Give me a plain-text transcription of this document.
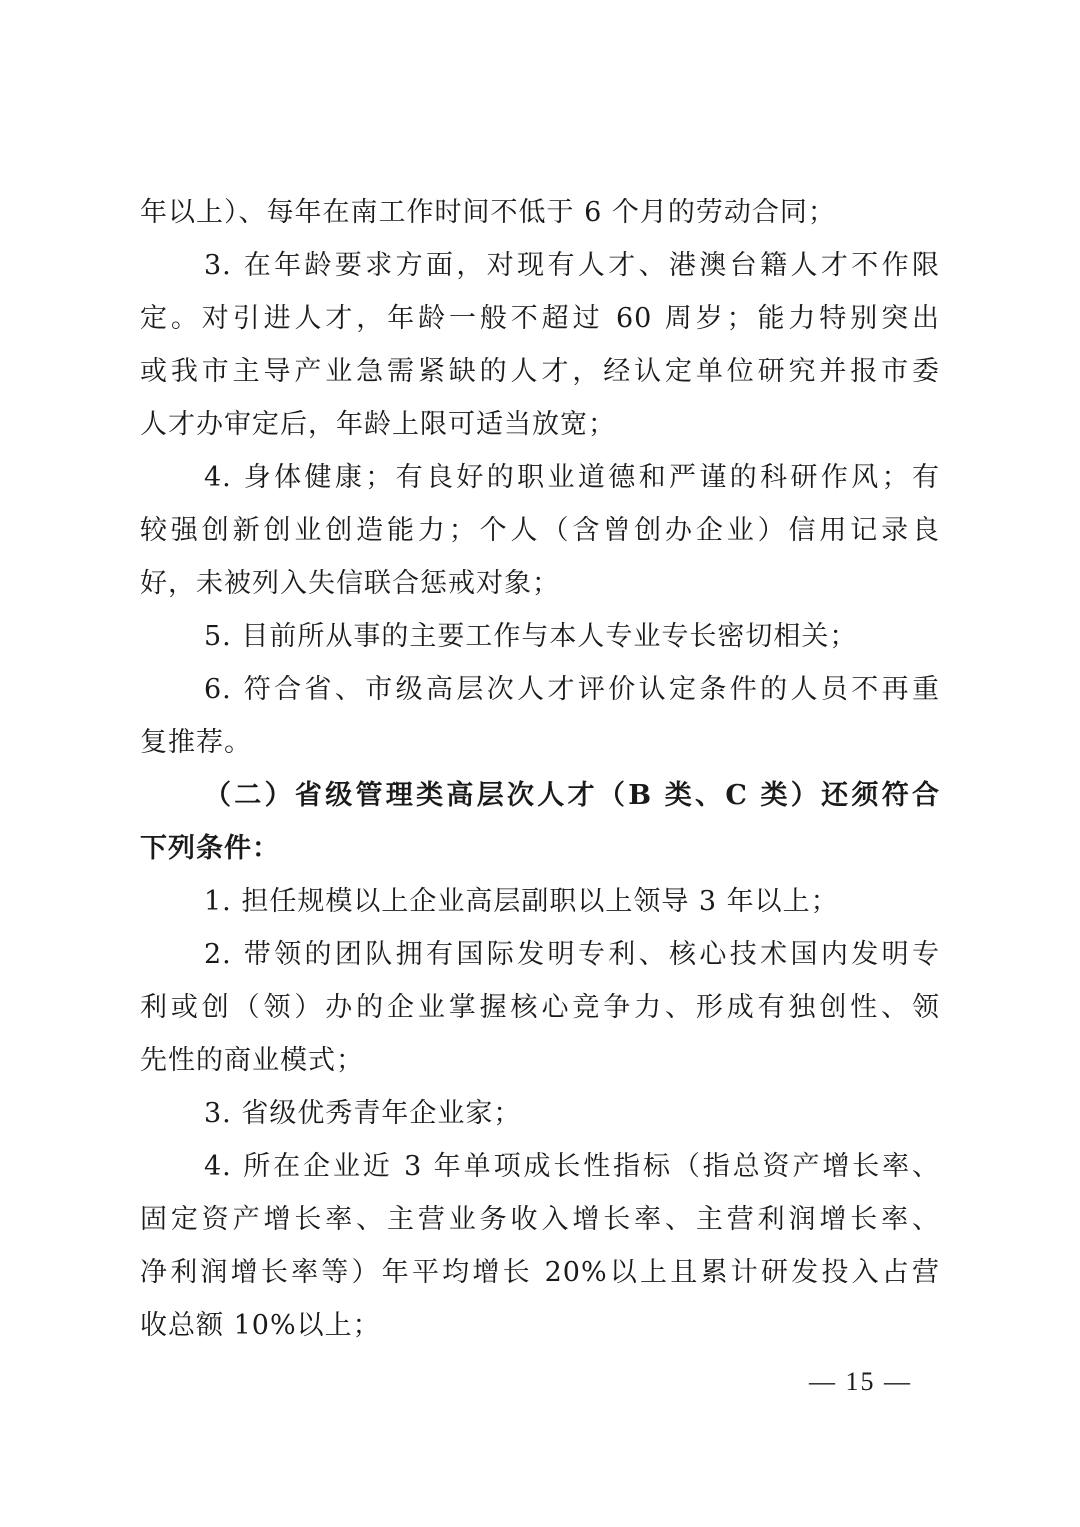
年以上）、每年在南工作时间不低于 6 个月的劳动合同；
3. 在年龄要求方面，对现有人才、港澳台籍人才不作限
定。对引进人才，年龄一般不超过 60 周岁；能力特别突出
或我市主导产业急需紧缺的人才，经认定单位研究并报市委
人才办审定后，年龄上限可适当放宽；
4. 身体健康；有良好的职业道德和严谨的科研作风；有
较强创新创业创造能力；个人（含曾创办企业）信用记录良
好，未被列入失信联合惩戒对象；
5. 目前所从事的主要工作与本人专业专长密切相关；
6. 符合省、市级高层次人才评价认定条件的人员不再重
复推荐。
（二）省级管理类高层次人才（B 类、C 类）还须符合
下列条件：
1. 担任规模以上企业高层副职以上领导 3 年以上；
2. 带领的团队拥有国际发明专利、核心技术国内发明专
利或创（领）办的企业掌握核心竞争力、形成有独创性、领
先性的商业模式；
3. 省级优秀青年企业家；
4. 所在企业近 3 年单项成长性指标（指总资产增长率、
固定资产增长率、主营业务收入增长率、主营利润增长率、
净利润增长率等）年平均增长 20%以上且累计研发投入占营
收总额 10%以上；
— 15 —
